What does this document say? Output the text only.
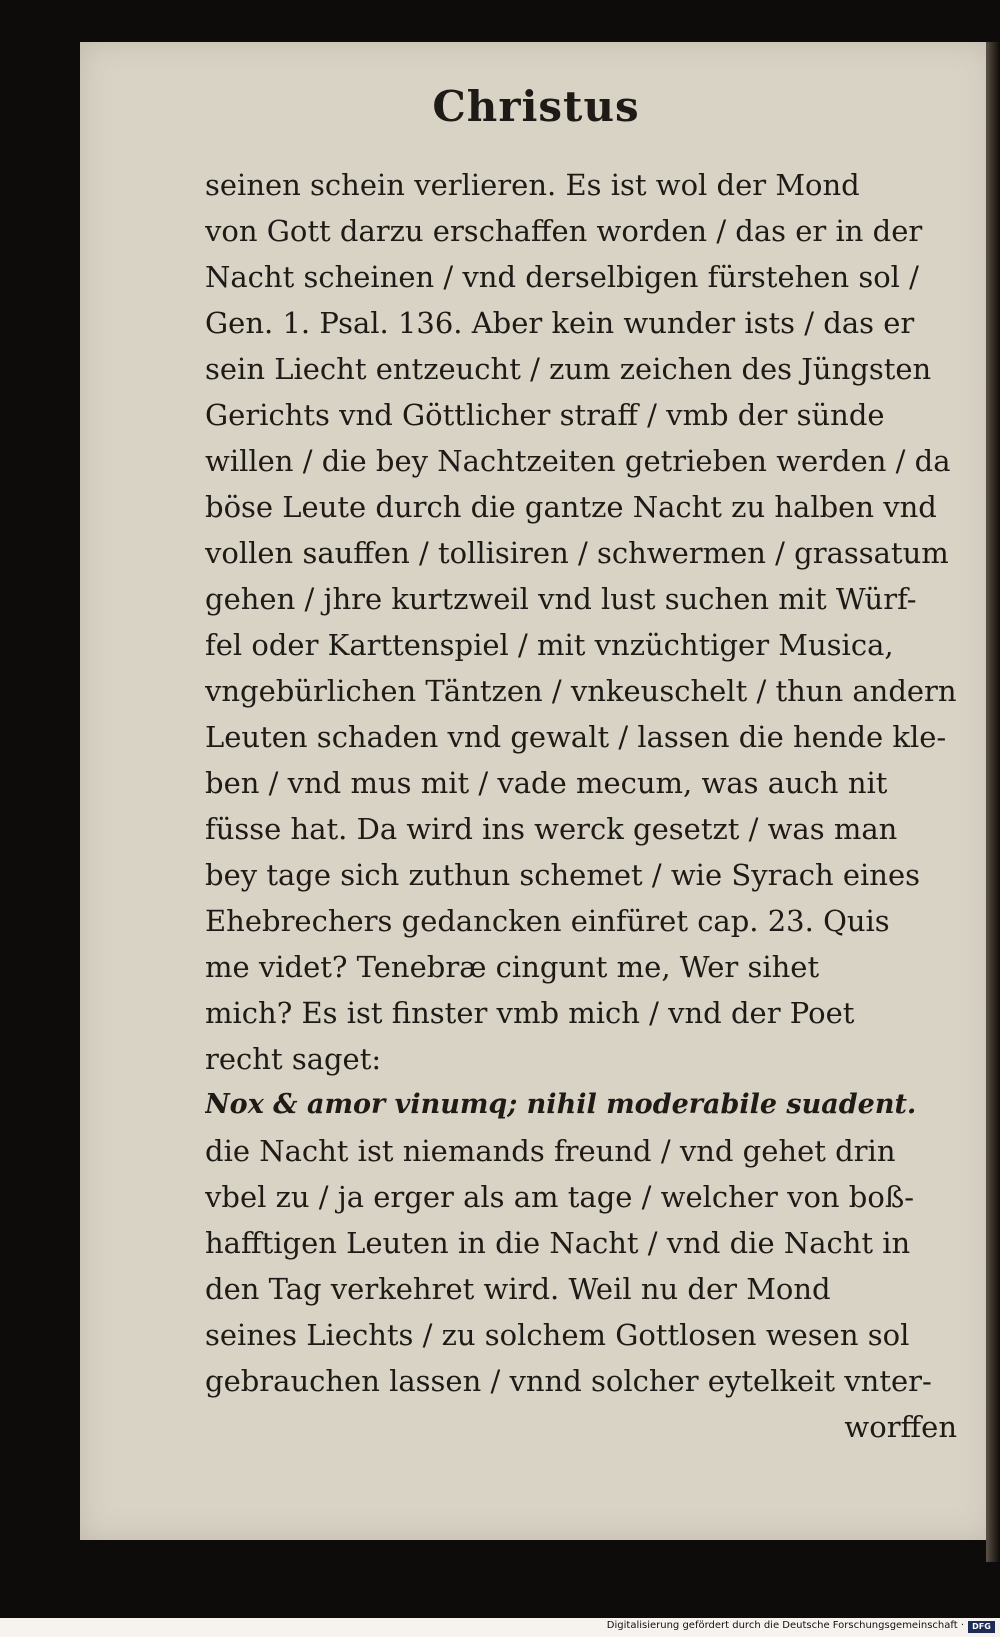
Christus
seinen schein verlieren. Es ist wol der Mond
von Gott darzu erschaffen worden / das er in der
Nacht scheinen / vnd derselbigen fürstehen sol /
Gen. 1. Psal. 136. Aber kein wunder ists / das er
sein Liecht entzeucht / zum zeichen des Jüngsten
Gerichts vnd Göttlicher straff / vmb der sünde
willen / die bey Nachtzeiten getrieben werden / da
böse Leute durch die gantze Nacht zu halben vnd
vollen sauffen / tollisiren / schwermen / grassatum
gehen / jhre kurtzweil vnd lust suchen mit Würf-
fel oder Karttenspiel / mit vnzüchtiger Musica,
vngebürlichen Täntzen / vnkeuschelt / thun andern
Leuten schaden vnd gewalt / lassen die hende kle-
ben / vnd mus mit / vade mecum, was auch nit
füsse hat. Da wird ins werck gesetzt / was man
bey tage sich zuthun schemet / wie Syrach eines
Ehebrechers gedancken einfüret cap. 23. Quis
me videt? Tenebræ cingunt me, Wer sihet
mich? Es ist finster vmb mich / vnd der Poet
recht saget:
Nox & amor vinumq; nihil moderabile suadent.
die Nacht ist niemands freund / vnd gehet drin
vbel zu / ja erger als am tage / welcher von boß-
hafftigen Leuten in die Nacht / vnd die Nacht in
den Tag verkehret wird. Weil nu der Mond
seines Liechts / zu solchem Gottlosen wesen sol
gebrauchen lassen / vnnd solcher eytelkeit vnter-
worffen
Digitalisierung gefördert durch die Deutsche Forschungsgemeinschaft ·	DFG
